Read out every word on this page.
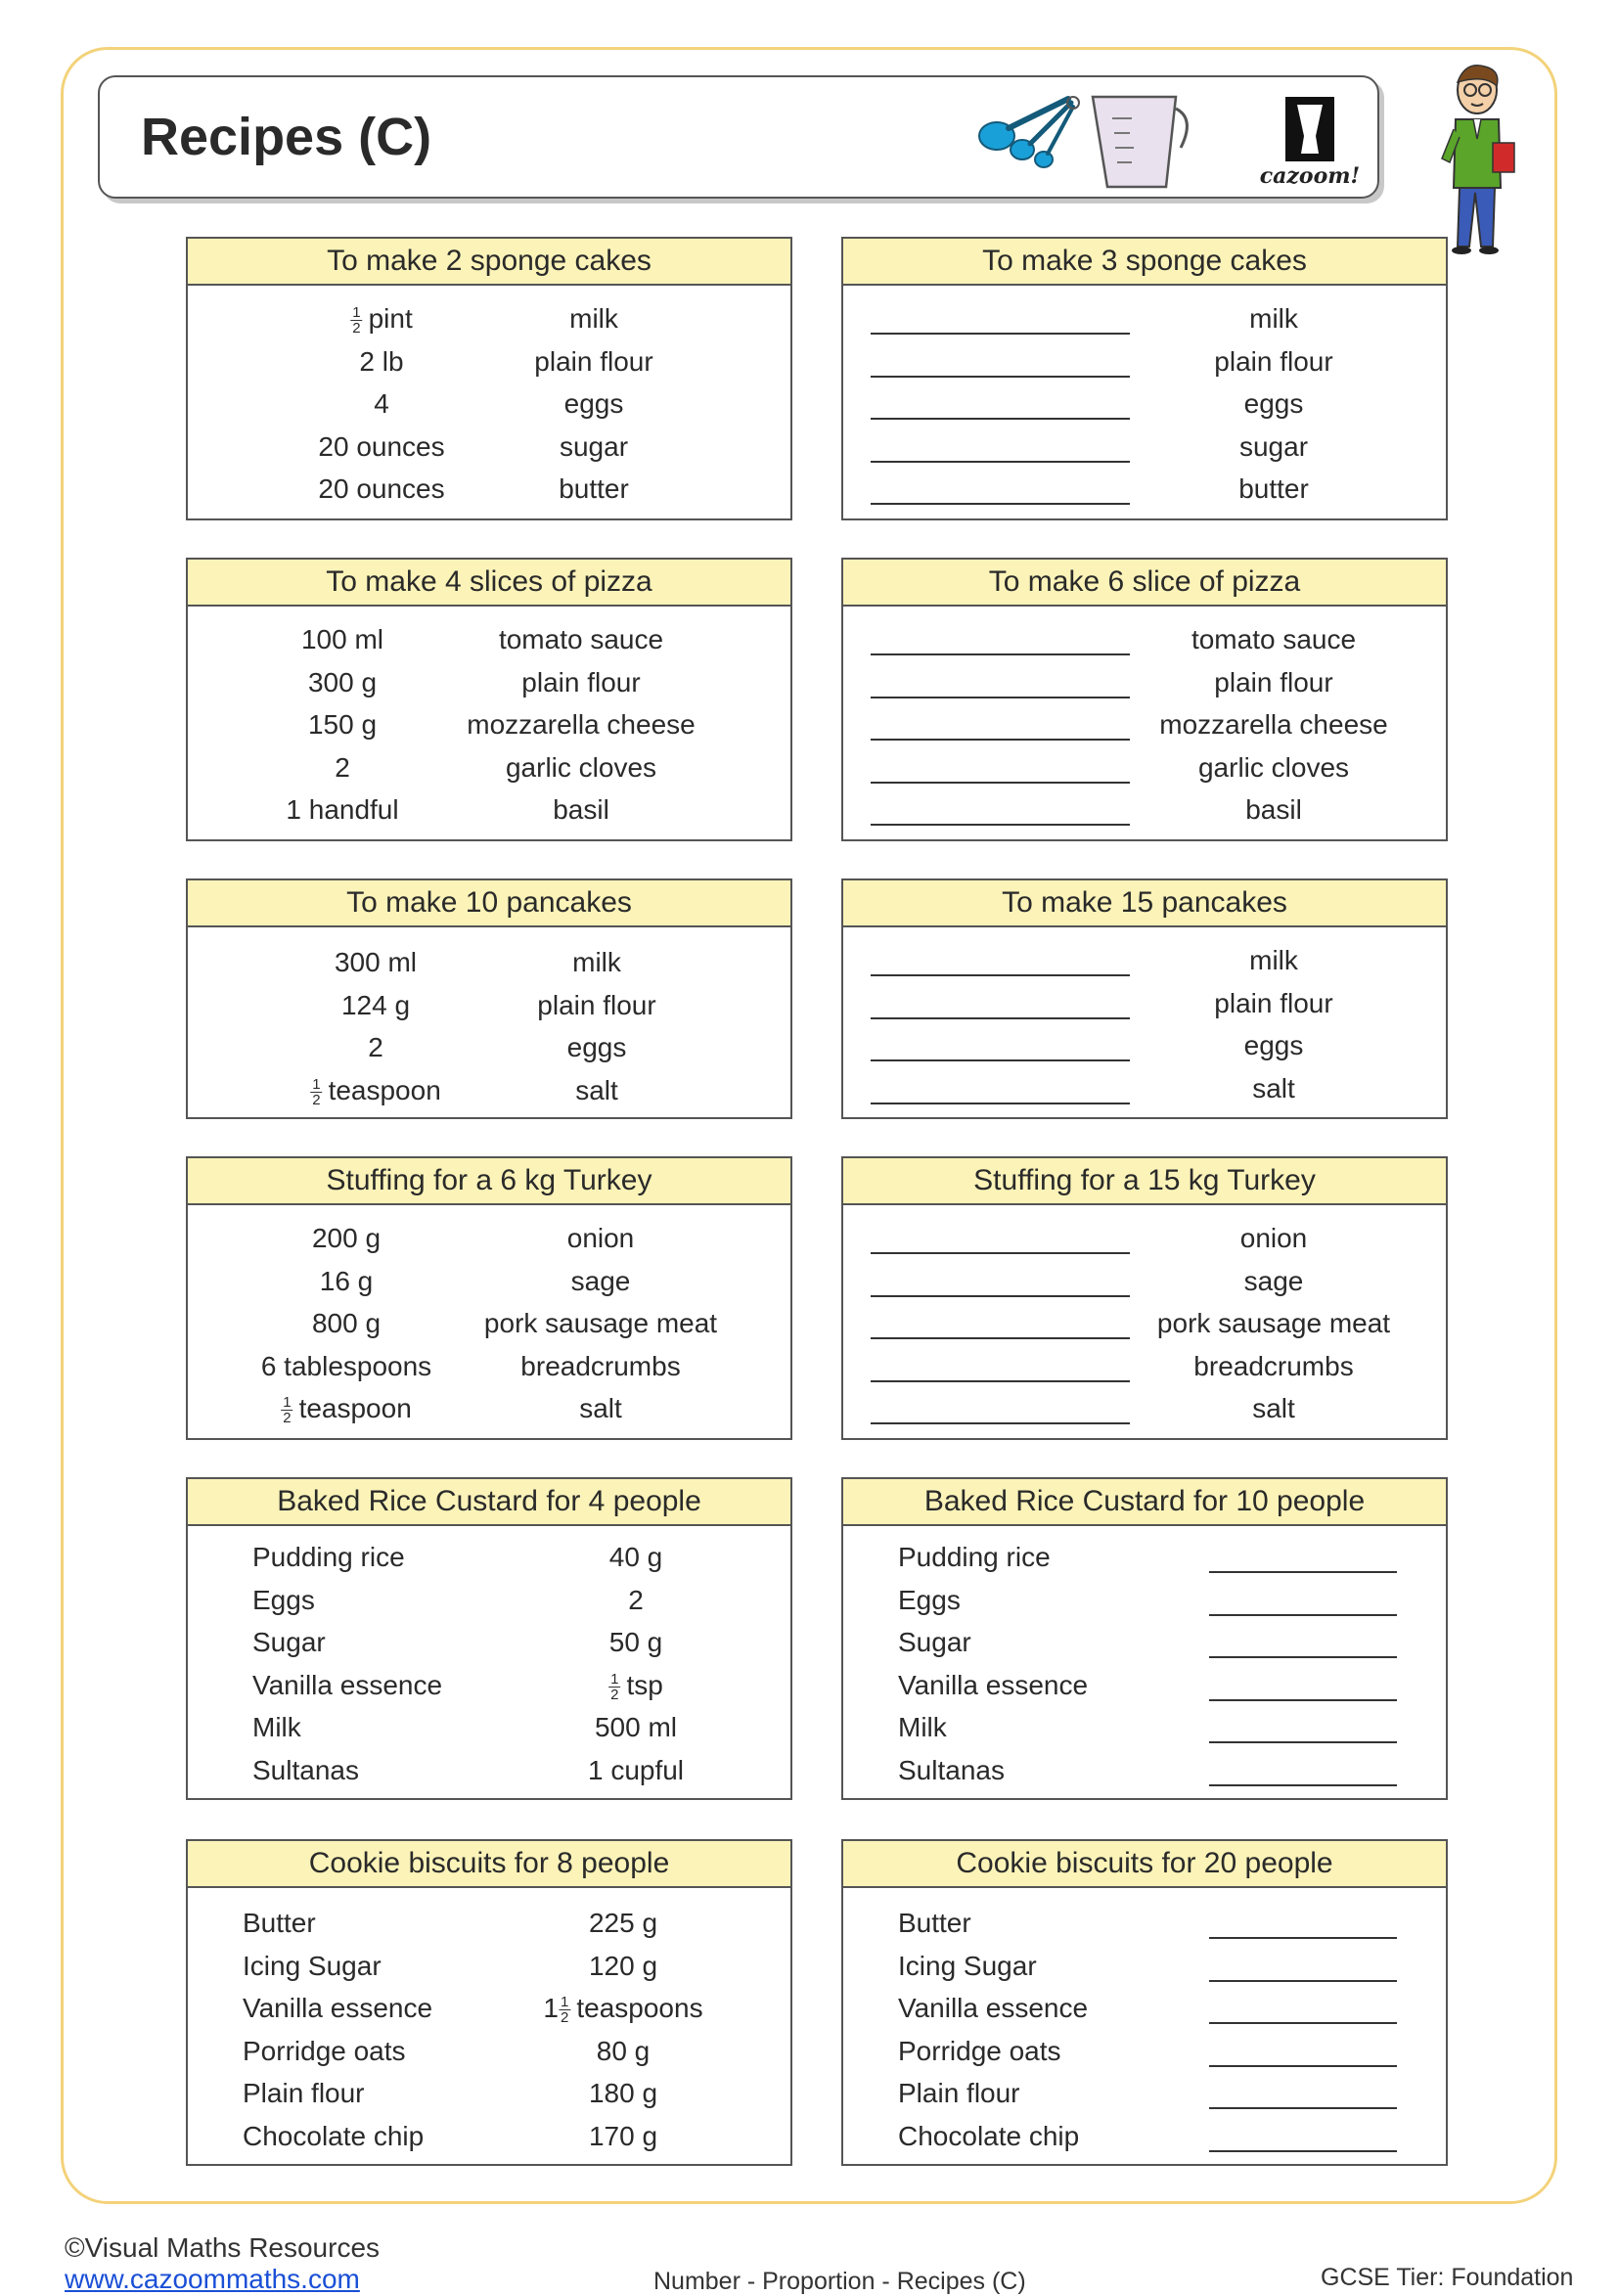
Recipes (C)
cazoom!
To make 2 sponge cakes
$\frac{1}{2}$ pint	milk
2 lb	plain flour
4	eggs
20 ounces	sugar
20 ounces	butter
To make 3 sponge cakes
milk
plain flour
eggs
sugar
butter
To make 4 slices of pizza
100 ml	tomato sauce
300 g	plain flour
150 g	mozzarella cheese
2	garlic cloves
1 handful	basil
To make 6 slice of pizza
tomato sauce
plain flour
mozzarella cheese
garlic cloves
basil
To make 10 pancakes
300 ml	milk
124 g	plain flour
2	eggs
$\frac{1}{2}$ teaspoon	salt
To make 15 pancakes
milk
plain flour
eggs
salt
Stuffing for a 6 kg Turkey
200 g	onion
16 g	sage
800 g	pork sausage meat
6 tablespoons	breadcrumbs
$\frac{1}{2}$ teaspoon	salt
Stuffing for a 15 kg Turkey
onion
sage
pork sausage meat
breadcrumbs
salt
Baked Rice Custard for 4 people
Pudding rice	40 g
Eggs	2
Sugar	50 g
Vanilla essence	$\frac{1}{2}$ tsp
Milk	500 ml
Sultanas	1 cupful
Baked Rice Custard for 10 people
Pudding rice
Eggs
Sugar
Vanilla essence
Milk
Sultanas
Cookie biscuits for 8 people
Butter	225 g
Icing Sugar	120 g
Vanilla essence	$1 \frac{1}{2}$ teaspoons
Porridge oats	80 g
Plain flour	180 g
Chocolate chip	170 g
Cookie biscuits for 20 people
Butter
Icing Sugar
Vanilla essence
Porridge oats
Plain flour
Chocolate chip
©Visual Maths Resources
www.cazoommaths.com	Number - Proportion - Recipes (C)	GCSE Tier: Foundation
